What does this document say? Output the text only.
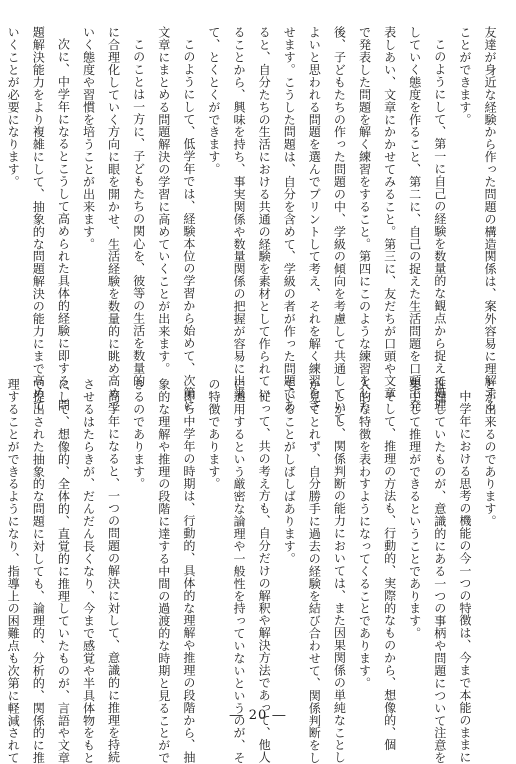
友達が身近な経験から作った問題の構造関係は、案外容易に理解する

ことができます。

このようにして、第一に自己の経験を数量的な観点から捉えて処理

していく態度を作ること、第二に、自己の捉えた生活問題を口頭で発

表しあい、文章にかかせてみること。第三に、友だちが口頭や文章

で発表した問題を解く練習をすること。第四にこのような練習をした

後、子どもたちの作った問題の中、学級の傾向を考慮して共通していて

よいと思われる問題を選んでプリントして考え、それを解く練習をさ

せます。こうした問題は、自分を含めて、学級の者が作った問題であ

ると、自分たちの生活における共通の経験を素材として作られてい

ることから、興味を持ち、事実関係や数量関係の把握が容易に出来

て、とくとくができます。

このようにして、低学年では、経験本位の学習から始めて、次第に

文章にまとめる問題解決の学習に高めていくことが出来ます。

このことは一方に、子どもたちの関心を、彼等の生活を数量的

に合理化していく方向に眼を開かせ、生活経験を数量的に眺め高めて

いく態度や習慣を培うことが出来ます。

次に、中学年になるとこうして高められた具体的経験に即する、問

題解決能力をより複雑にして、抽象的な問題解決の能力にまで高めて

いくことが必要になります。

とが出来るのであります。

中学年における思考の機能の今一つの特徴は、今まで本能のままに

推理していたものが、意識的にある一つの事柄や問題について注意を

集中して推理ができるということであります。

そして、推理の方法も、行動的、実際的なものから、想像的、個

人的な特徴を表わすようになってくることであります。

しかし、関係判断の能力においては、また因果関係の単純なことし

か見てとれず、自分勝手に過去の経験を結び合わせて、関係判断をし

ていることがしばしばあります。

従って、共の考え方も、自分だけの解釈や解決方法であって、他人

に通用するという厳密な論理や一般性を持っていないというのが、そ

の特徴であります。

即ち中学年の時期は、行動的、具体的な理解や推理の段階から、抽

象的な理解や推理の段階に達する中間の過渡的な時期と見ることがで

きるのであります。

高学年になると、一つの問題の解決に対して、意識的に推理を持続

させるはたらきが、だんだん長くなり、今まで感覚や半具体物をもと

にして、想像的、全体的、直覚的に推理していたものが、言語や文章

で提出された抽象的な問題に対しても、論理的、分析的、関係的に推

理することができるようになり、指導上の困難点も次第に軽減されて	― 20 ―
